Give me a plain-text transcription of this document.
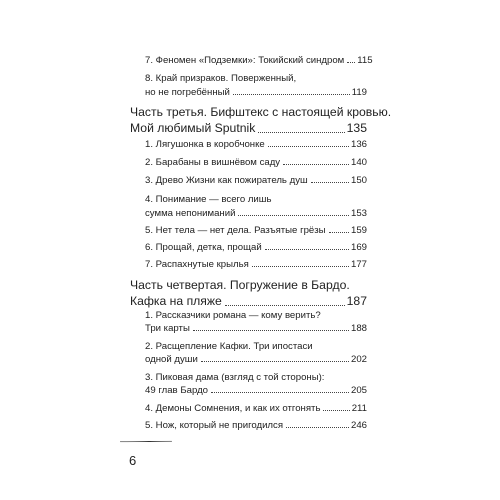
7. Феномен «Подземки»: Токийский синдром 115
8. Край призраков. Поверженный,
но не погребённый	119
Часть третья. Бифштекс с настоящей кровью.
Мой любимый Sputnik	135
1. Лягушонка в коробчонке	136
2. Барабаны в вишнёвом саду	140
3. Древо Жизни как пожиратель душ	150
4. Понимание — всего лишь
сумма непониманий	153
5. Нет тела — нет дела. Разъятые грёзы	159
6. Прощай, детка, прощай	169
7. Распахнутые крылья	177
Часть четвертая. Погружение в Бардо.
Кафка на пляже	187
1. Рассказчики романа — кому верить?
Три карты	188
2. Расщепление Кафки. Три ипостаси
одной души	202
3. Пиковая дама (взгляд с той стороны):
49 глав Бардо	205
4. Демоны Сомнения, и как их отгонять	211
5. Нож, который не пригодился	246
6
